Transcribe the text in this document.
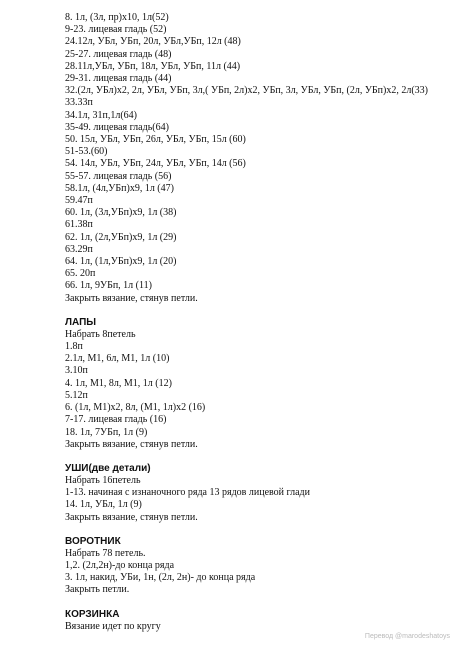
8. 1л, (3л, пр)х10, 1л(52)
9-23. лицевая гладь (52)
24.12л, УБл, УБп, 20л, УБл,УБп, 12л (48)
25-27. лицевая гладь (48)
28.11л,УБл, УБп, 18л, УБл, УБп, 11л (44)
29-31. лицевая гладь (44)
32.(2л, УБл)х2, 2л, УБл, УБп, 3л,( УБп, 2л)х2, УБп, 3л, УБл, УБп, (2л, УБп)х2, 2л(33)
33.33п
34.1л, 31п,1л(64)
35-49. лицевая гладь(64)
50. 15л, УБл, УБп, 26л, УБл, УБп, 15л (60)
51-53.(60)
54. 14л, УБл, УБп, 24л, УБл, УБп, 14л (56)
55-57. лицевая гладь (56)
58.1л, (4л,УБп)х9, 1л (47)
59.47п
60. 1л, (3л,УБп)х9, 1л (38)
61.38п
62. 1л, (2л,УБп)х9, 1л (29)
63.29п
64. 1л, (1л,УБп)х9, 1л (20)
65. 20п
66. 1л, 9УБп, 1л (11)
Закрыть вязание, стянув петли.
ЛАПЫ
Набрать 8петель
1.8п
2.1л, М1, 6л, М1, 1л (10)
3.10п
4. 1л, М1, 8л, М1, 1л (12)
5.12п
6. (1л, М1)х2, 8л, (М1, 1л)х2 (16)
7-17. лицевая гладь (16)
18. 1л, 7УБп, 1л (9)
Закрыть вязание, стянув петли.
УШИ(две детали)
Набрать 16петель
1-13. начиная с изнаночного ряда 13 рядов лицевой глади
14. 1л, УБл, 1л (9)
Закрыть вязание, стянув петли.
ВОРОТНИК
Набрать 78 петель.
1,2. (2л,2н)-до конца ряда
3. 1л, накид, УБи, 1н, (2л, 2н)- до конца ряда
Закрыть петли.
КОРЗИНКА
Вязание идет по кругу
Перевод @marodeshatoys
